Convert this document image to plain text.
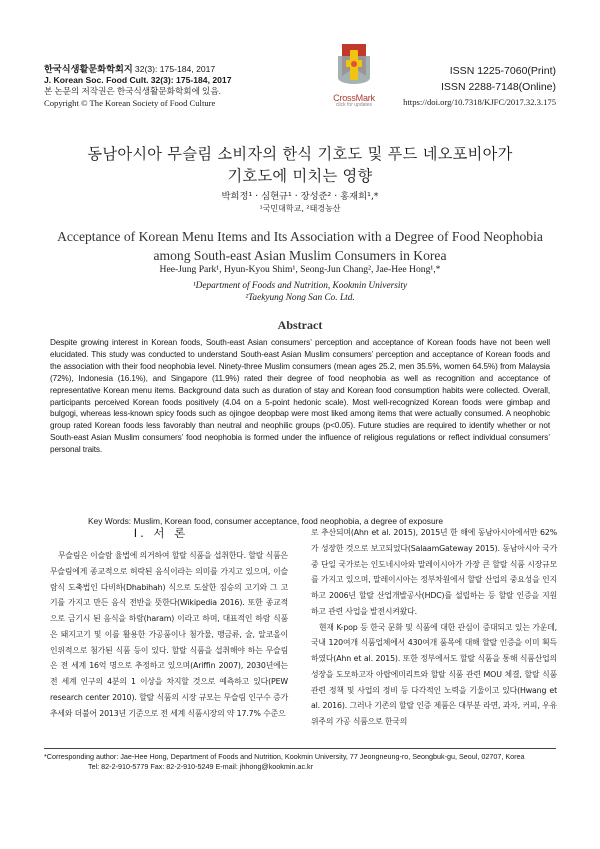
한국식생활문화학회지 32(3): 175-184, 2017
J. Korean Soc. Food Cult. 32(3): 175-184, 2017
본 논문의 저작권은 한국식생활문화학회에 있음.
Copyright © The Korean Society of Food Culture	CrossMark
click for updates
ISSN 1225-7060(Print)
ISSN 2288-7148(Online)
https://doi.org/10.7318/KJFC/2017.32.3.175
동남아시아 무슬림 소비자의 한식 기호도 및 푸드 네오포비아가
기호도에 미치는 영향
박희정¹ · 심현규¹ · 장성준² · 홍재희¹,*
¹국민대학교, ²태경농산
Acceptance of Korean Menu Items and Its Association with a Degree of Food Neophobia
among South-east Asian Muslim Consumers in Korea
Hee-Jung Park¹, Hyun-Kyou Shim¹, Seong-Jun Chang², Jae-Hee Hong¹,*
¹Department of Foods and Nutrition, Kookmin University
²Taekyung Nong San Co. Ltd.
Abstract
Despite growing interest in Korean foods, South-east Asian consumers’ perception and acceptance of Korean foods have not been well elucidated. This study was conducted to understand South-east Asian Muslim consumers’ perception and acceptance of Korean foods and the association with their food neophobia level. Ninety-three Muslim consumers (mean ages 25.2, men 35.5%, women 64.5%) from Malaysia (72%), Indonesia (16.1%), and Singapore (11.9%) rated their degree of food neophobia as well as recognition and acceptance of representative Korean menu items. Background data such as duration of stay and Korean food consumption habits were collected. Overall, participants perceived Korean foods positively (4.04 on a 5-point hedonic scale). Most well-recognized Korean foods were gimbap and bulgogi, whereas less-known spicy foods such as ojingoe deopbap were most liked among items that were actually consumed. A neophobic group rated Korean foods less favorably than neutral and neophilic groups (p<0.05). Future studies are required to identify whether or not South-east Asian Muslim consumers’ food neophobia is formed under the influence of religious regulations or reflect individual consumers’ personal traits.
Key Words: Muslim, Korean food, consumer acceptance, food neophobia, a degree of exposure
Ⅰ. 서 론

무슬림은 이슬람 율법에 의거하여 할랄 식품을 섭취한다. 할랄 식품은 무슬림에게 종교적으로 허락된 음식이라는 의미를 가지고 있으며, 이슬람식 도축법인 다비하(Dhabihah) 식으로 도살한 짐승의 고기와 그 고기를 가지고 만든 음식 전반을 뜻한다(Wikipedia 2016). 또한 종교적으로 금기시 된 음식을 하람(haram) 이라고 하며, 대표적인 하람 식품은 돼지고기 및 이를 활용한 가공품이나 첨가물, 맹금류, 술, 알코올이 인위적으로 첨가된 식품 등이 있다. 할랄 식품을 섭취해야 하는 무슬림은 전 세계 16억 명으로 추정하고 있으며(Ariffin 2007), 2030년에는 전 세계 인구의 4분의 1 이상을 차지할 것으로 예측하고 있다(PEW research center 2010). 할랄 식품의 시장 규모는 무슬림 인구수 증가 추세와 더불어 2013년 기준으로 전 세계 식품시장의 약 17.7% 수준으

로 추산되며(Ahn et al. 2015), 2015년 한 해에 동남아시아에서만 62%가 성장한 것으로 보고되었다(SalaamGateway 2015). 동남아시아 국가 중 단일 국가로는 인도네시아와 말레이시아가 가장 큰 할랄 식품 시장규모를 가지고 있으며, 말레이시아는 정부차원에서 할랄 산업의 중요성을 인지하고 2006년 할랄 산업개발공사(HDC)를 설립하는 등 할랄 인증을 지원하고 관련 사업을 발전시켜왔다.

현재 K-pop 등 한국 문화 및 식품에 대한 관심이 증대되고 있는 가운데, 국내 120여개 식품업체에서 430여개 품목에 대해 할랄 인증을 이미 획득하였다(Ahn et al. 2015). 또한 정부에서도 할랄 식품을 통해 식품산업의 성장을 도모하고자 아랍에미리트와 할랄 식품 관련 MOU 체결, 할랄 식품 관련 정책 및 사업의 정비 등 다각적인 노력을 기울이고 있다(Hwang et al. 2016). 그러나 기존의 할랄 인증 제품은 대부분 라면, 과자, 커피, 우유 위주의 가공 식품으로 한국의

*Corresponding author: Jae-Hee Hong, Department of Foods and Nutrition, Kookmin University, 77 Jeongneung-ro, Seongbuk-gu, Seoul, 02707, Korea
Tel: 82-2-910-5779 Fax: 82-2-910-5249 E-mail: jhhong@kookmin.ac.kr
